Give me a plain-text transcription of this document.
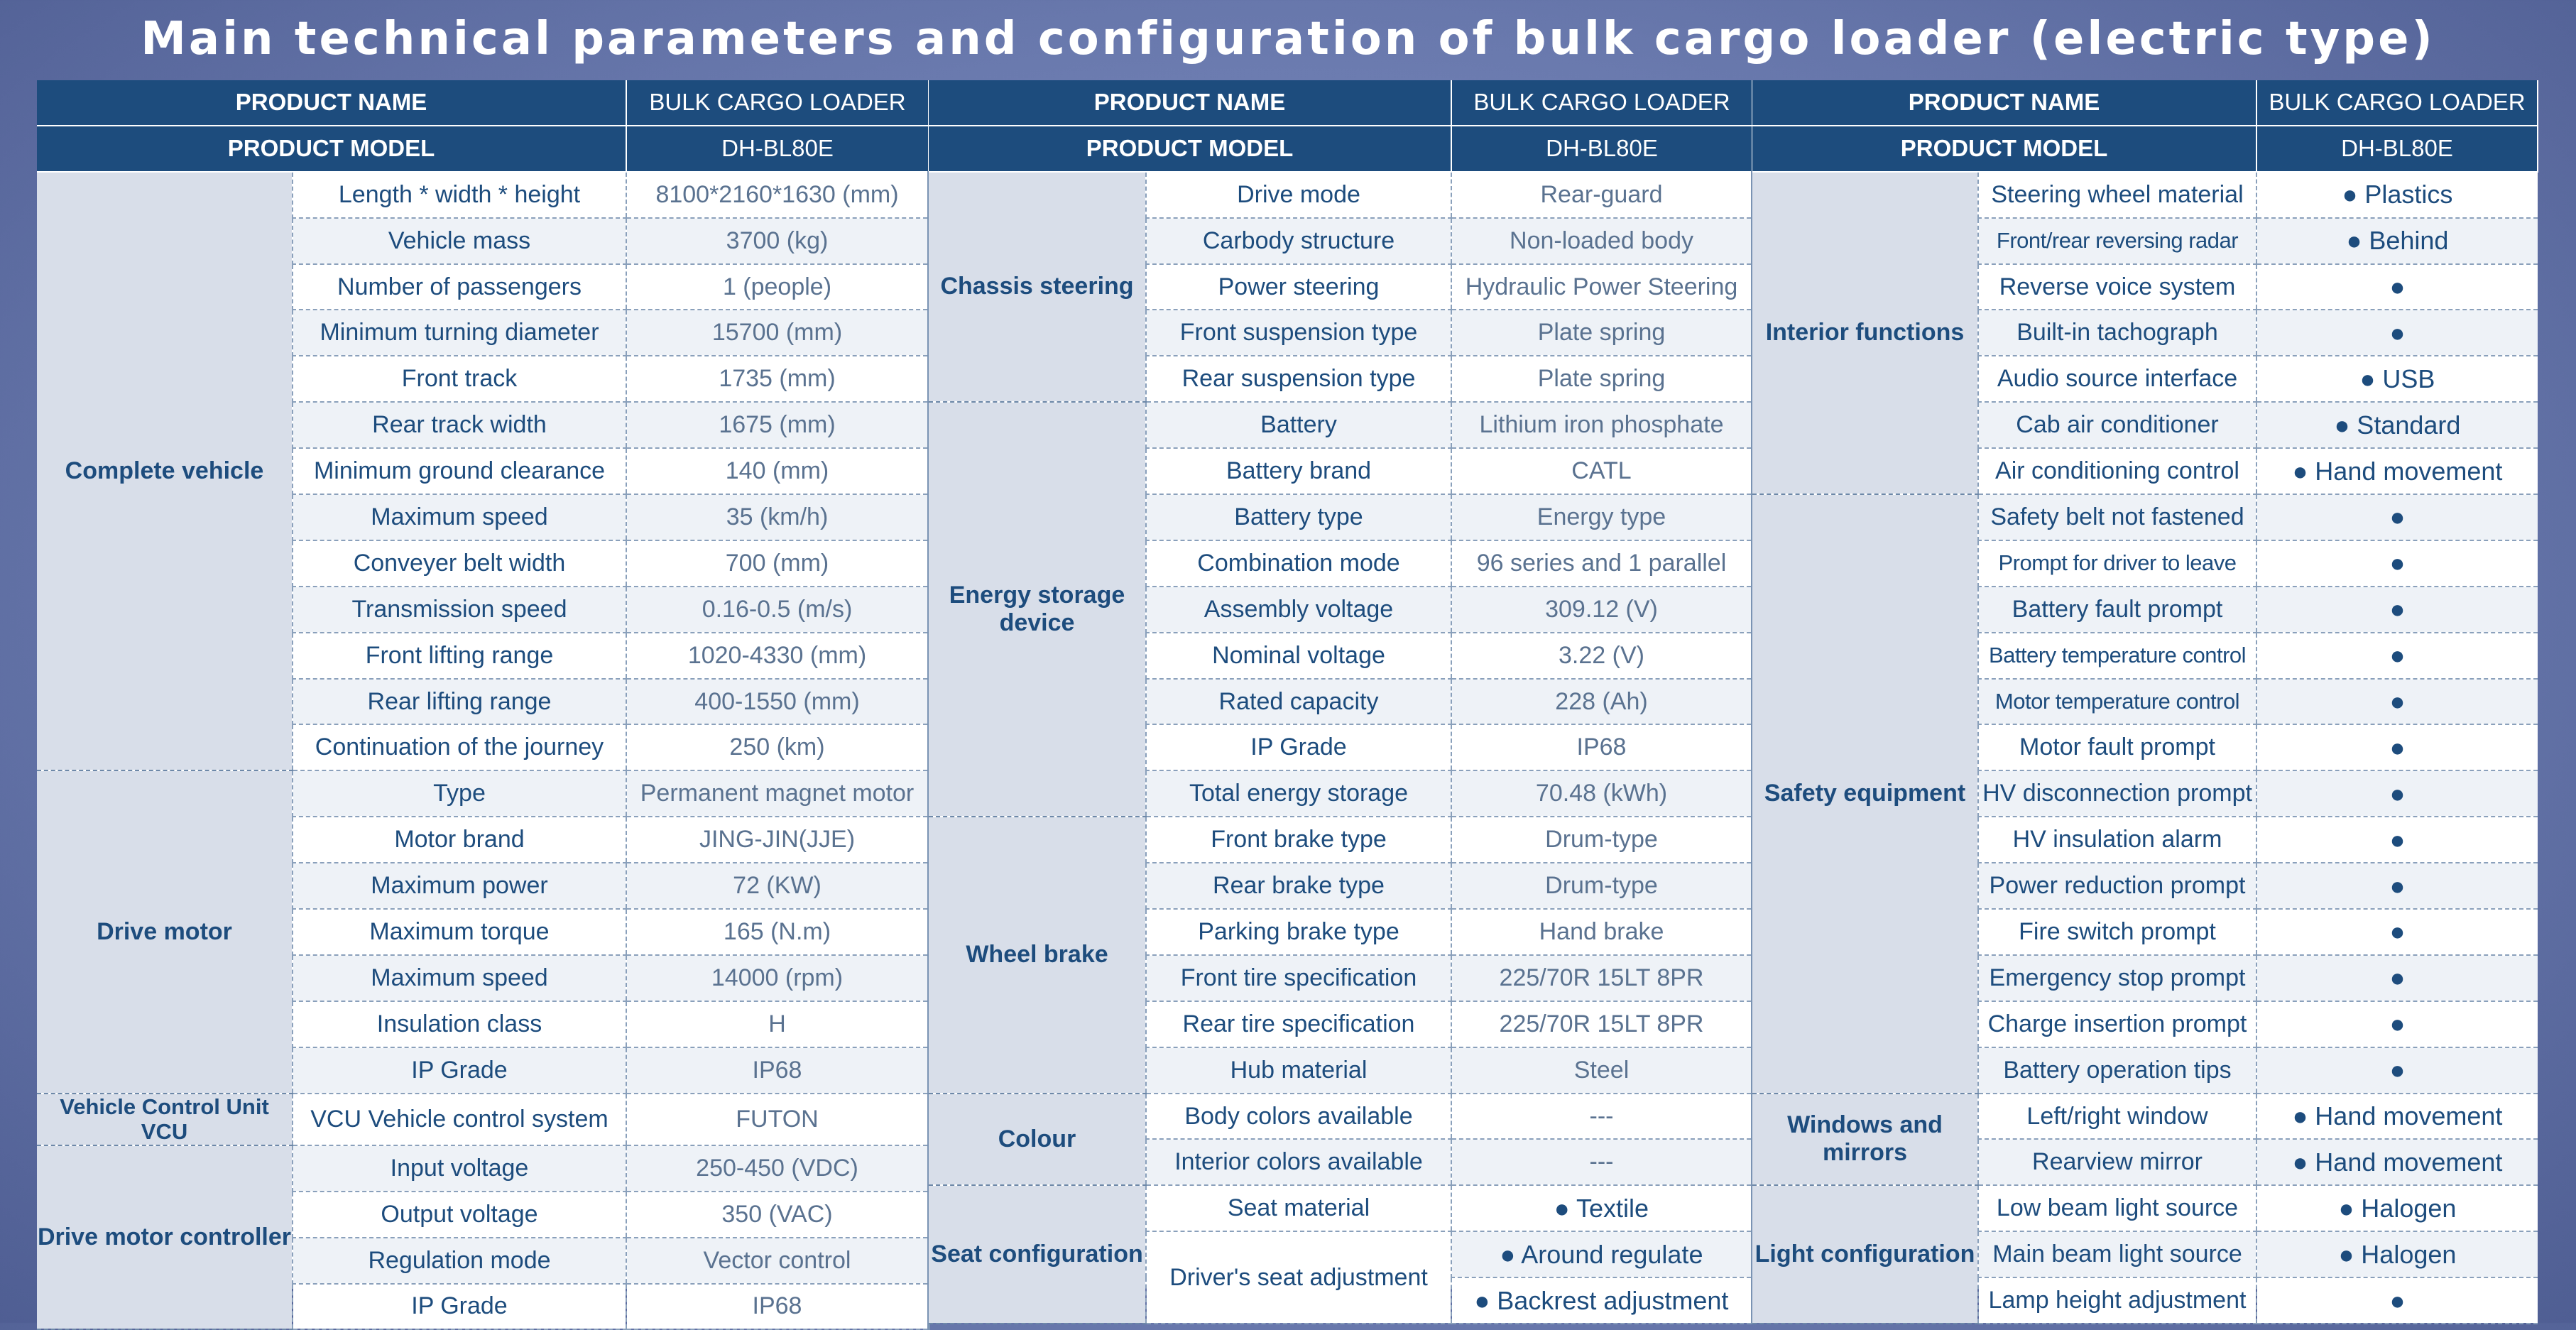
Main technical parameters and configuration of bulk cargo loader (electric type)
PRODUCT NAME		BULK CARGO LOADER
PRODUCT MODEL		DH-BL80E
Complete vehicle	Length * width * height	8100*2160*1630 (mm)
	Vehicle mass	3700 (kg)
	Number of passengers	1 (people)
	Minimum turning diameter	15700 (mm)
	Front track	1735 (mm)
	Rear track width	1675 (mm)
	Minimum ground clearance	140 (mm)
	Maximum speed	35 (km/h)
	Conveyer belt width	700 (mm)
	Transmission speed	0.16-0.5 (m/s)
	Front lifting range	1020-4330 (mm)
	Rear lifting range	400-1550 (mm)
	Continuation of the journey	250 (km)
Drive motor	Type	Permanent magnet motor
	Motor brand	JING-JIN(JJE)
	Maximum power	72 (KW)
	Maximum torque	165 (N.m)
	Maximum speed	14000 (rpm)
	Insulation class	H
	IP Grade	IP68
Vehicle Control Unit VCU	VCU Vehicle control system	FUTON
Drive motor controller	Input voltage	250-450 (VDC)
	Output voltage	350 (VAC)
	Regulation mode	Vector control
	IP Grade	IP68
PRODUCT NAME		BULK CARGO LOADER
PRODUCT MODEL		DH-BL80E
Chassis steering	Drive mode	Rear-guard
	Carbody structure	Non-loaded body
	Power steering	Hydraulic Power Steering
	Front suspension type	Plate spring
	Rear suspension type	Plate spring
Energy storage device	Battery	Lithium iron phosphate
	Battery brand	CATL
	Battery type	Energy type
	Combination mode	96 series and 1 parallel
	Assembly voltage	309.12 (V)
	Nominal voltage	3.22 (V)
	Rated capacity	228 (Ah)
	IP Grade	IP68
	Total energy storage	70.48 (kWh)
Wheel brake	Front brake type	Drum-type
	Rear brake type	Drum-type
	Parking brake type	Hand brake
	Front tire specification	225/70R 15LT 8PR
	Rear tire specification	225/70R 15LT 8PR
	Hub material	Steel
Colour	Body colors available	---
	Interior colors available	---
Seat configuration	Seat material	● Textile
	Driver's seat adjustment	● Around regulate
		● Backrest adjustment
PRODUCT NAME		BULK CARGO LOADER
PRODUCT MODEL		DH-BL80E
Interior functions	Steering wheel material	● Plastics
	Front/rear reversing radar	● Behind
	Reverse voice system	●
	Built-in tachograph	●
	Audio source interface	● USB
	Cab air conditioner	● Standard
	Air conditioning control	● Hand movement
Safety equipment	Safety belt not fastened	●
	Prompt for driver to leave	●
	Battery fault prompt	●
	Battery temperature control	●
	Motor temperature control	●
	Motor fault prompt	●
	HV disconnection prompt	●
	HV insulation alarm	●
	Power reduction prompt	●
	Fire switch prompt	●
	Emergency stop prompt	●
	Charge insertion prompt	●
	Battery operation tips	●
Windows and mirrors	Left/right window	● Hand movement
	Rearview mirror	● Hand movement
Light configuration	Low beam light source	● Halogen
	Main beam light source	● Halogen
	Lamp height adjustment	●
